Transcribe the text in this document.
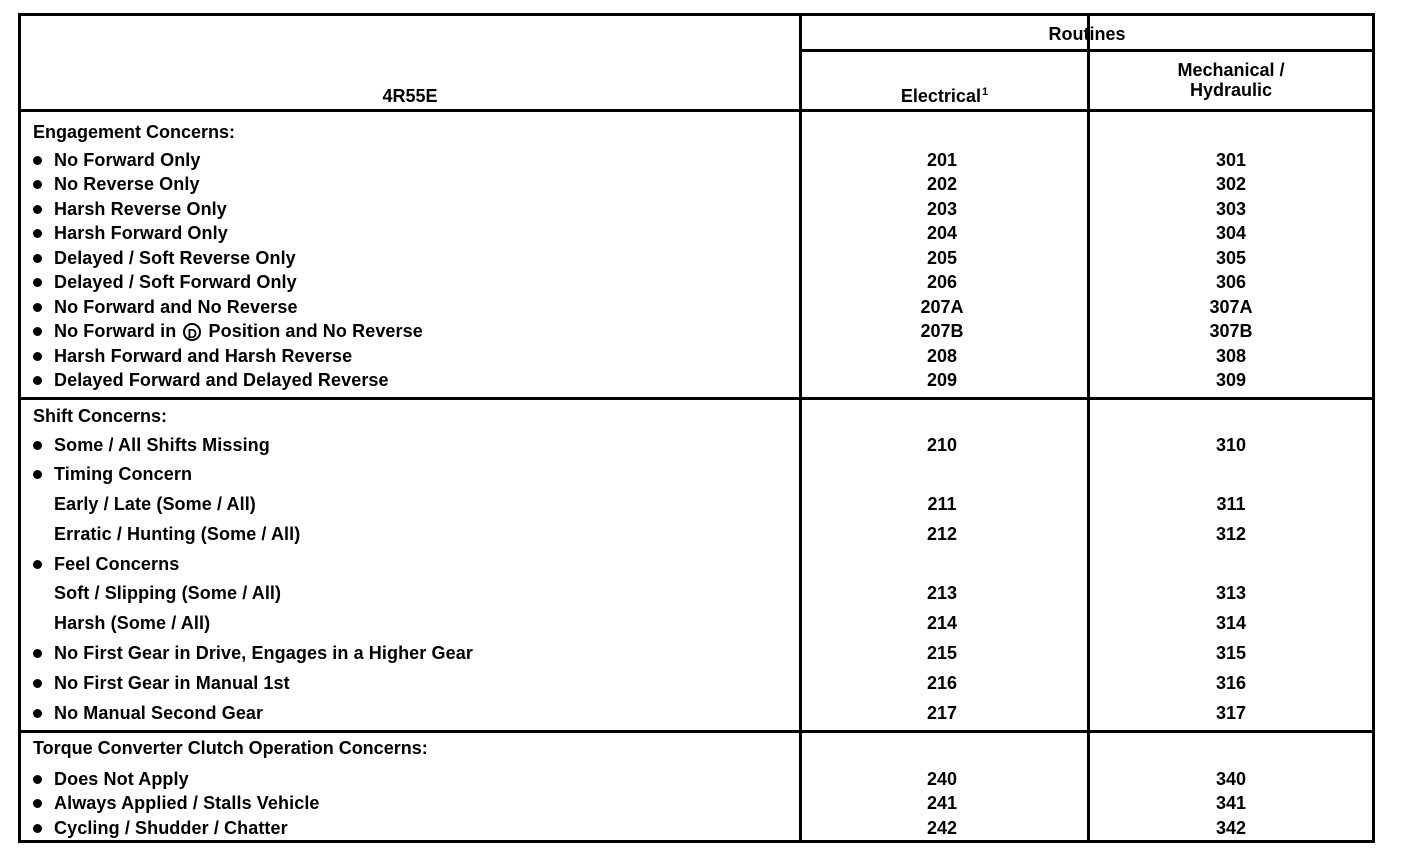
4R55E
Routines
Electrical$^1$
Mechanical /
Hydraulic
Engagement Concerns:
No Forward Only	201	301
No Reverse Only	202	302
Harsh Reverse Only	203	303
Harsh Forward Only	204	304
Delayed / Soft Reverse Only	205	305
Delayed / Soft Forward Only	206	306
No Forward and No Reverse	207A	307A
No Forward in D Position and No Reverse	207B	307B
Harsh Forward and Harsh Reverse	208	308
Delayed Forward and Delayed Reverse	209	309
Shift Concerns:
Some / All Shifts Missing	210	310
Timing Concern
Early / Late (Some / All)	211	311
Erratic / Hunting (Some / All)	212	312
Feel Concerns
Soft / Slipping (Some / All)	213	313
Harsh (Some / All)	214	314
No First Gear in Drive, Engages in a Higher Gear	215	315
No First Gear in Manual 1st	216	316
No Manual Second Gear	217	317
Torque Converter Clutch Operation Concerns:
Does Not Apply	240	340
Always Applied / Stalls Vehicle	241	341
Cycling / Shudder / Chatter	242	342
